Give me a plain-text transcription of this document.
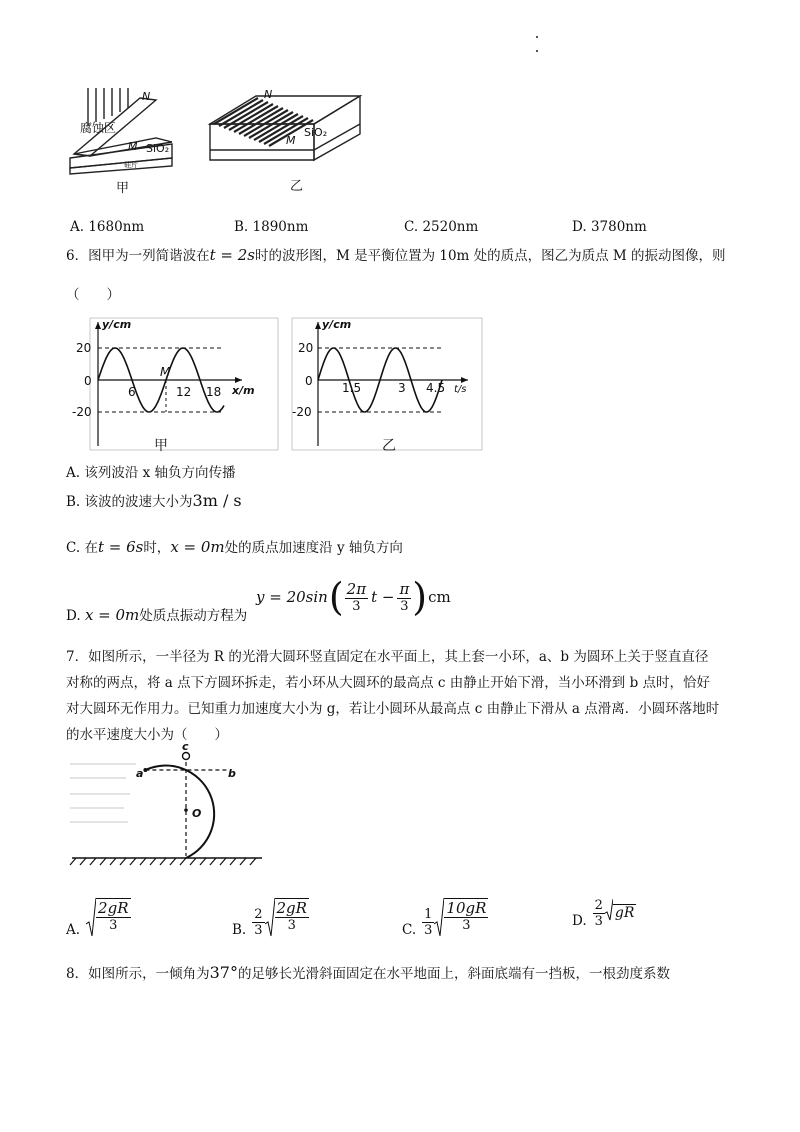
N
腐蚀区
M SiO₂
硅片
甲
N
M
SiO₂
乙
A. 1680nm	B. 1890nm	C. 2520nm	D. 3780nm
6．图甲为一列简谐波在t = 2s时的波形图，M 是平衡位置为 10m 处的质点，图乙为质点 M 的振动图像，则
（　　）
y/cm
x/m
20
-20
0
6	12 18
M
甲
y/cm
t/s
20
-20
0 1.5	3 4.5
乙
A. 该列波沿 x 轴负方向传播
B. 该波的波速大小为3m / s
C. 在t = 6s时，x = 0m处的质点加速度沿 y 轴负方向
D. x = 0m处质点振动方程为
y = 20sin ( $\frac{2\pi}{3}$ $t - \frac{\pi}{3}$ ) cm
7．如图所示，一半径为 R 的光滑大圆环竖直固定在水平面上，其上套一小环，a、b 为圆环上关于竖直直径
对称的两点，将 a 点下方圆环拆走，若小环从大圆环的最高点 c 由静止开始下滑，当小环滑到 b 点时，恰好
对大圆环无作用力。已知重力加速度大小为 g，若让小圆环从最高点 c 由静止下滑从 a 点滑离．小圆环落地时
的水平速度大小为（　　）
c
a	b
O
A. $\frac{2gR}{3}$	B. $\frac{2}{3} \frac{2gR}{3}$	C. $\frac{1}{3} \frac{10gR}{3}$	D. $\frac{2}{3}$ gR
8．如图所示，一倾角为37°的足够长光滑斜面固定在水平地面上，斜面底端有一挡板，一根劲度系数
